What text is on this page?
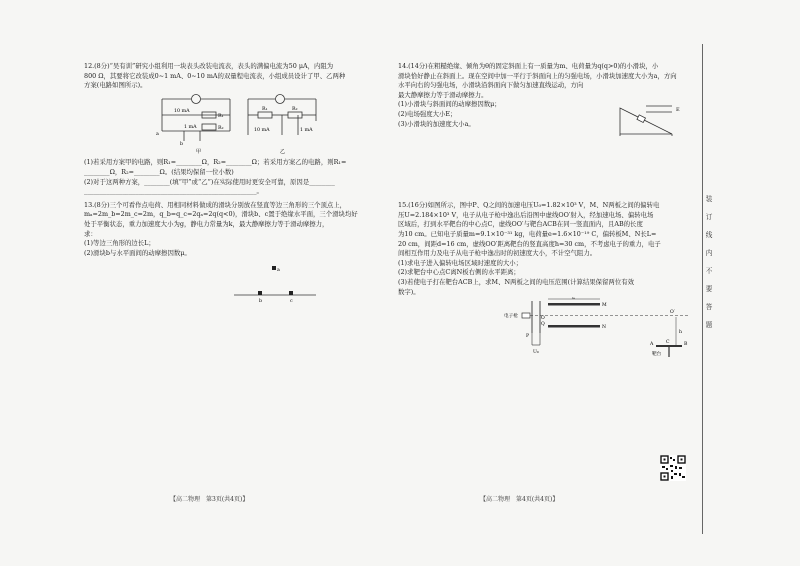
12.(8分)“吴有训”研究小组利用一块表头改装电流表，表头的满偏电流为50 μA，内阻为

800 Ω，其要将它改装成0~1 mA、0~10 mA的双量程电流表，小组成员设计了甲、乙两种

方案(电路如图所示)。

10 mA
R₁
1 mA	R₂
a
b
甲
R₁	R₂
10 mA	1 mA
乙

(1)若采用方案甲的电路，则R₁=________Ω，R₂=________Ω；若采用方案乙的电路，则R₁=

________Ω，R₂=________Ω。(结果均保留一位小数)

(2)对于这两种方案，________(填“甲”或“乙”)在实际使用时更安全可靠，原因是________

______________________________________________________。

13.(8分)三个可看作点电荷、用相同材料做成的滑块分别放在竖直等边三角形的三个顶点上，

mₐ=2m_b=2m_c=2m，q_b=q_c=2qₐ=2q(q<0)，滑块b、c置于绝缘水平面，三个滑块均好

处于平衡状态，重力加速度大小为g，静电力常量为k，最大静摩擦力等于滑动摩擦力，

求：

(1)等边三角形的边长L；

(2)滑块b与水平面间的动摩擦因数μ。

a
b	c
【高二物理　第3页(共4页)】

14.(14分)在粗糙绝缘、倾角为θ的固定斜面上有一质量为m、电荷量为q(q>0)的小滑块，小

滑块恰好静止在斜面上。现在空间中加一平行于斜面向上的匀强电场，小滑块加速度大小为a，方向

水平向右的匀强电场，小滑块沿斜面向下做匀加速直线运动，方向

最大静摩擦力等于滑动摩擦力。

(1)小滑块与斜面间的动摩擦因数μ；

(2)电场强度大小E；

(3)小滑块的加速度大小a。

E

15.(16分)如图所示，图中P、Q之间的加速电压U₀=1.82×10³ V，M、N两板之间的偏转电

压U=2.184×10³ V，电子从电子枪中逸出后沿图中虚线OO′射入，经加速电场、偏转电场

区域后，打到水平靶台的中心点C，虚线OO′与靶台ACB在同一竖直面内，且AB的长度

为10 cm。已知电子质量m=9.1×10⁻³¹ kg，电荷量e=1.6×10⁻¹⁹ C，偏转板M、N长L=

20 cm，间距d=16 cm，虚线OO′距离靶台的竖直高度h=30 cm，不考虑电子的重力，电子

间相互作用力及电子从电子枪中逸出时的初速度大小，不计空气阻力。

(1)求电子进入偏转电场区域时速度的大小；

(2)求靶台中心点C离N板右侧的水平距离；

(3)若使电子打在靶台ACB上，求M、N两板之间的电压范围(计算结果保留两位有效

数字)。

电子枪
P
Q
O
U₀
M
N
L
O′
h
A	C	B
靶台
【高二物理　第4页(共4页)】
装
订
线
内
不
要
答
题
